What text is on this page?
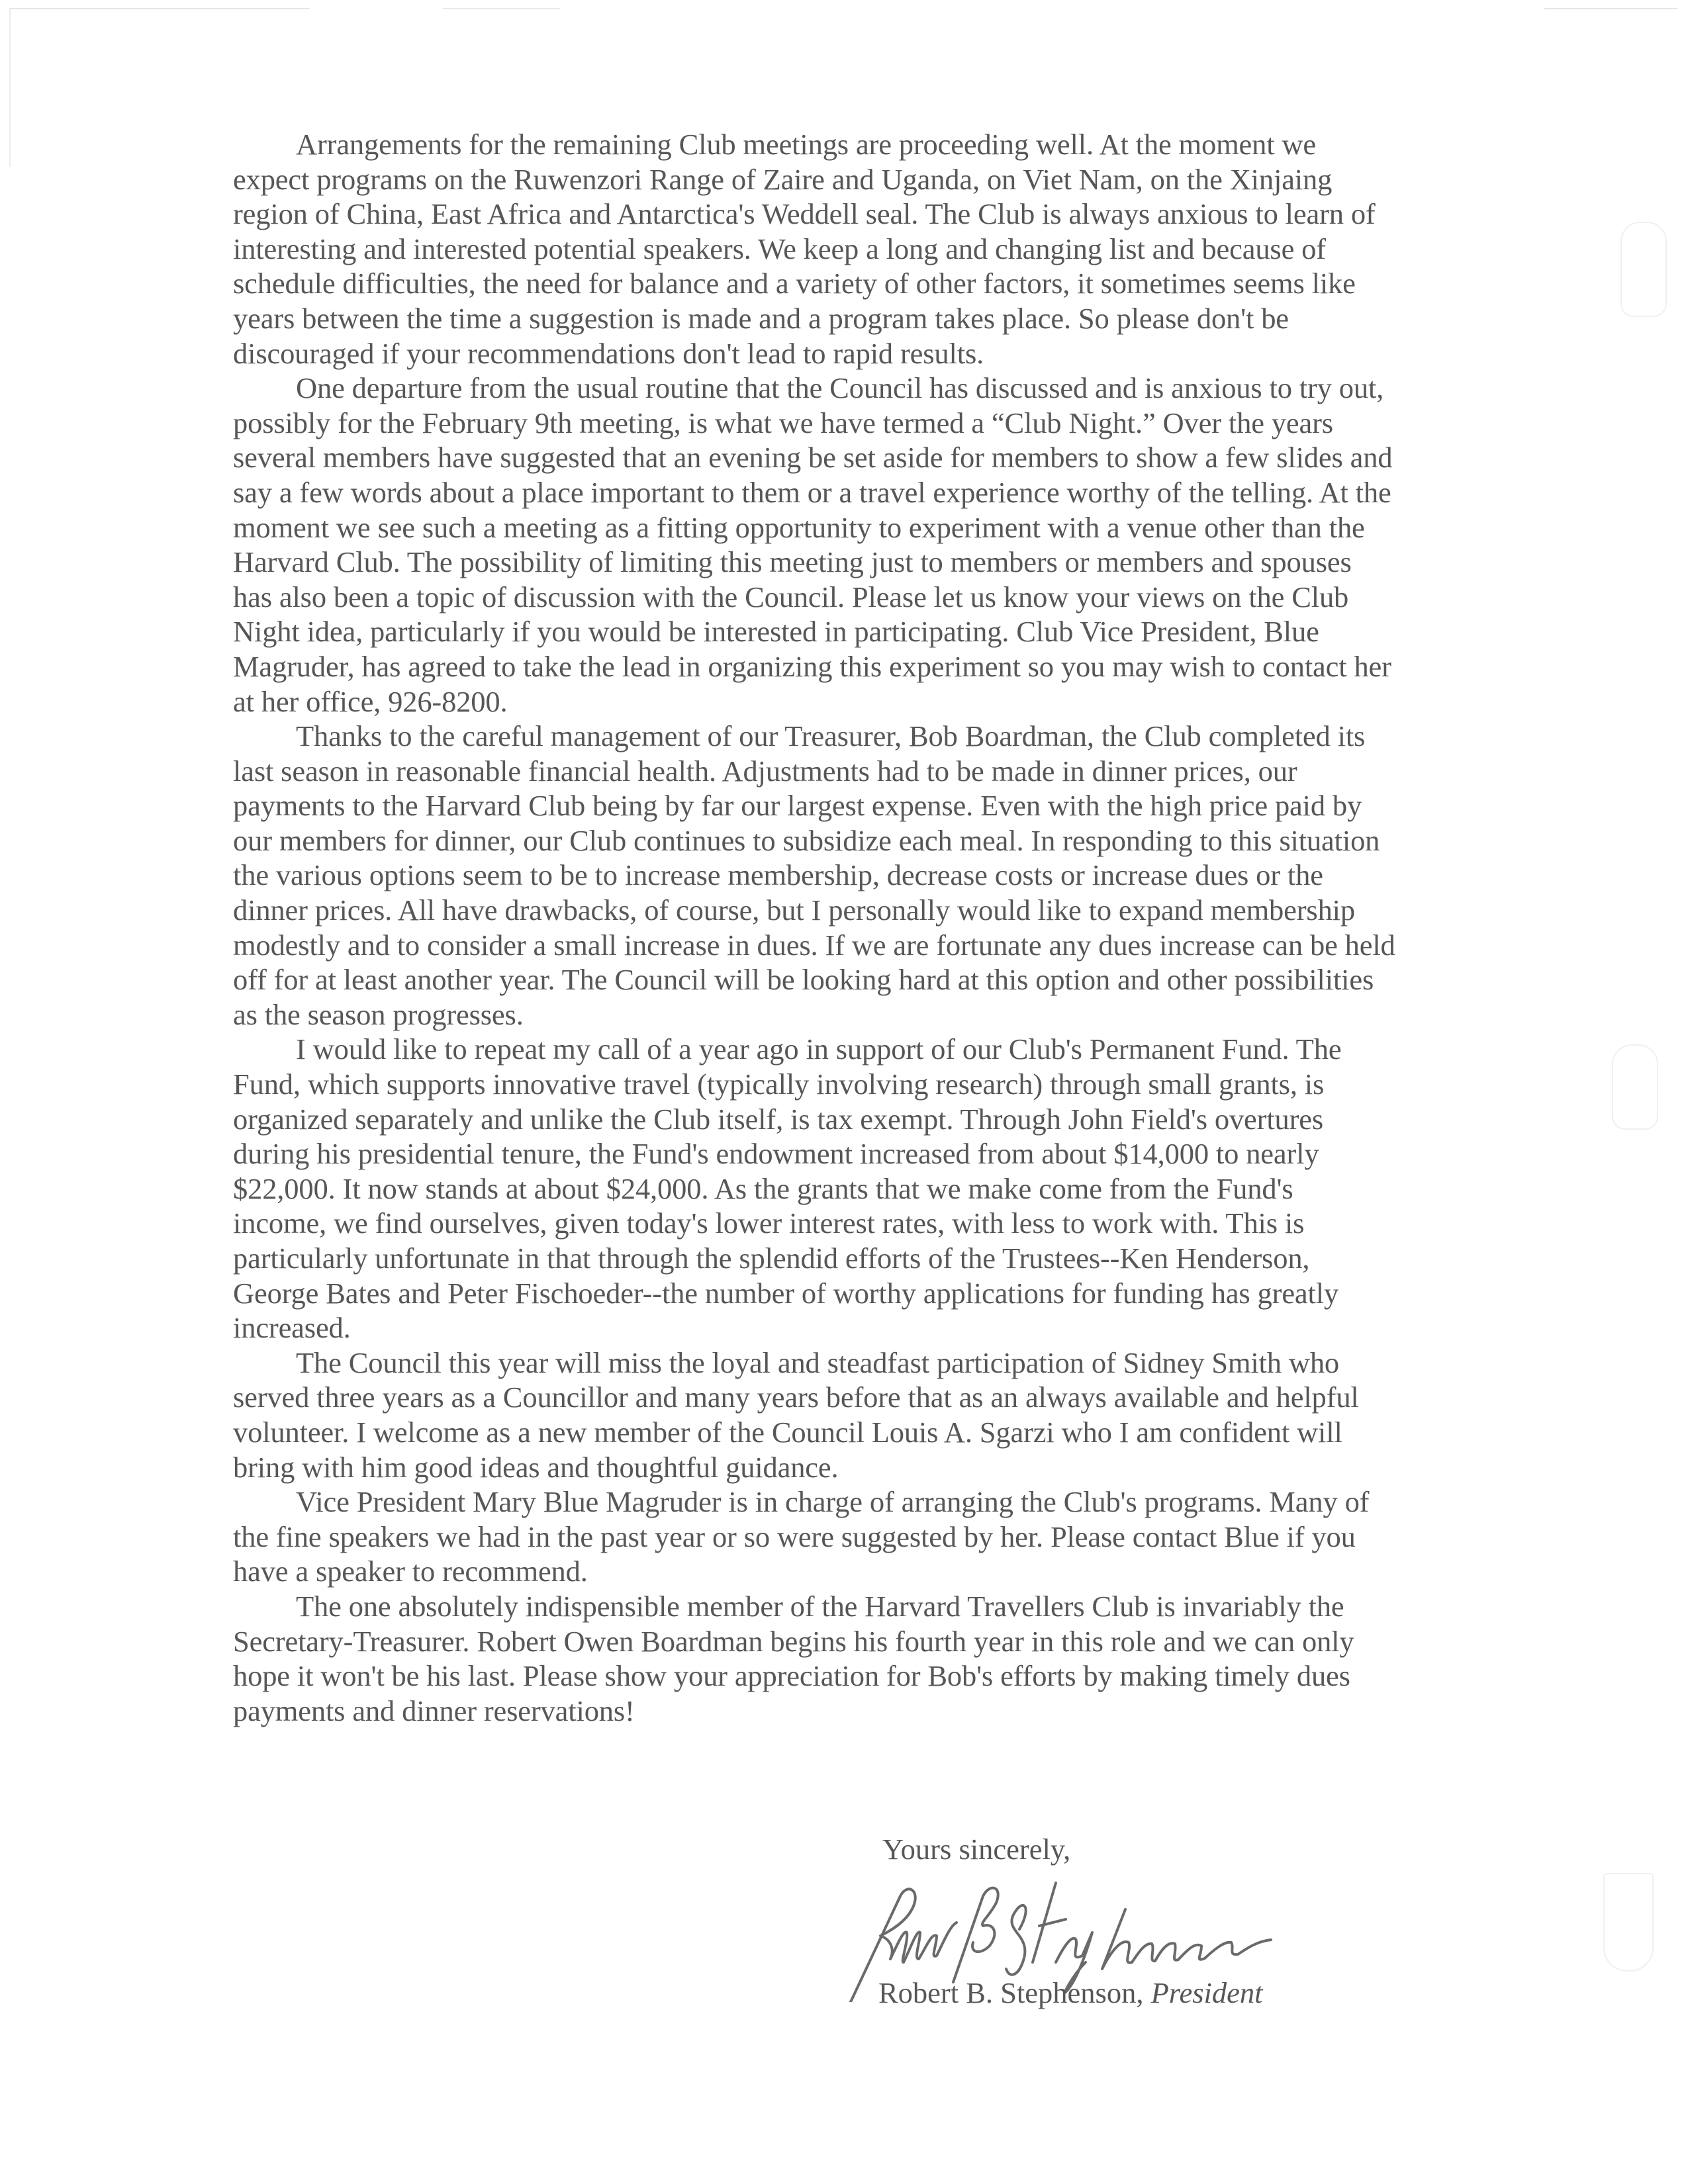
Arrangements for the remaining Club meetings are proceeding well. At the moment we
expect programs on the Ruwenzori Range of Zaire and Uganda, on Viet Nam, on the Xinjaing
region of China, East Africa and Antarctica's Weddell seal. The Club is always anxious to learn of
interesting and interested potential speakers. We keep a long and changing list and because of
schedule difficulties, the need for balance and a variety of other factors, it sometimes seems like
years between the time a suggestion is made and a program takes place. So please don't be
discouraged if your recommendations don't lead to rapid results.

One departure from the usual routine that the Council has discussed and is anxious to try out,
possibly for the February 9th meeting, is what we have termed a “Club Night.” Over the years
several members have suggested that an evening be set aside for members to show a few slides and
say a few words about a place important to them or a travel experience worthy of the telling. At the
moment we see such a meeting as a fitting opportunity to experiment with a venue other than the
Harvard Club. The possibility of limiting this meeting just to members or members and spouses
has also been a topic of discussion with the Council. Please let us know your views on the Club
Night idea, particularly if you would be interested in participating. Club Vice President, Blue
Magruder, has agreed to take the lead in organizing this experiment so you may wish to contact her
at her office, 926-8200.

Thanks to the careful management of our Treasurer, Bob Boardman, the Club completed its
last season in reasonable financial health. Adjustments had to be made in dinner prices, our
payments to the Harvard Club being by far our largest expense. Even with the high price paid by
our members for dinner, our Club continues to subsidize each meal. In responding to this situation
the various options seem to be to increase membership, decrease costs or increase dues or the
dinner prices. All have drawbacks, of course, but I personally would like to expand membership
modestly and to consider a small increase in dues. If we are fortunate any dues increase can be held
off for at least another year. The Council will be looking hard at this option and other possibilities
as the season progresses.

I would like to repeat my call of a year ago in support of our Club's Permanent Fund. The
Fund, which supports innovative travel (typically involving research) through small grants, is
organized separately and unlike the Club itself, is tax exempt. Through John Field's overtures
during his presidential tenure, the Fund's endowment increased from about $14,000 to nearly
$22,000. It now stands at about $24,000. As the grants that we make come from the Fund's
income, we find ourselves, given today's lower interest rates, with less to work with. This is
particularly unfortunate in that through the splendid efforts of the Trustees--Ken Henderson,
George Bates and Peter Fischoeder--the number of worthy applications for funding has greatly
increased.

The Council this year will miss the loyal and steadfast participation of Sidney Smith who
served three years as a Councillor and many years before that as an always available and helpful
volunteer. I welcome as a new member of the Council Louis A. Sgarzi who I am confident will
bring with him good ideas and thoughtful guidance.

Vice President Mary Blue Magruder is in charge of arranging the Club's programs. Many of
the fine speakers we had in the past year or so were suggested by her. Please contact Blue if you
have a speaker to recommend.

The one absolutely indispensible member of the Harvard Travellers Club is invariably the
Secretary-Treasurer. Robert Owen Boardman begins his fourth year in this role and we can only
hope it won't be his last. Please show your appreciation for Bob's efforts by making timely dues
payments and dinner reservations!

Yours sincerely,
Robert B. Stephenson, President
